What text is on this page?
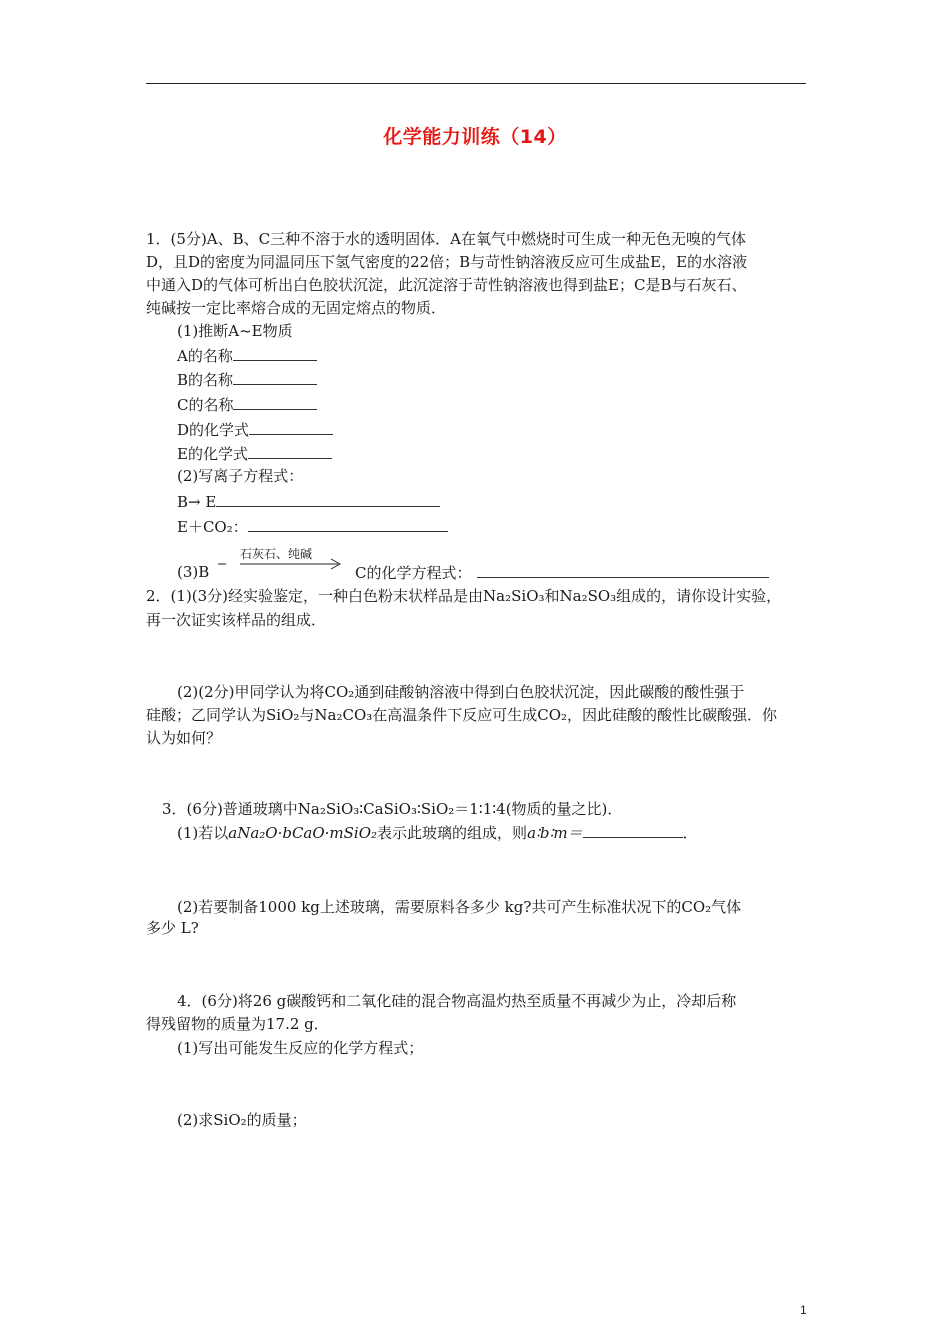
化学能力训练（14）
1．(5分)A、B、C三种不溶于水的透明固体．A在氧气中燃烧时可生成一种无色无嗅的气体
D，且D的密度为同温同压下氢气密度的22倍；B与苛性钠溶液反应可生成盐E，E的水溶液
中通入D的气体可析出白色胶状沉淀，此沉淀溶于苛性钠溶液也得到盐E；C是B与石灰石、
纯碱按一定比率熔合成的无固定熔点的物质．
(1)推断A~E物质
A的名称
B的名称
C的名称
D的化学式
E的化学式
(2)写离子方程式：
B→ E
E＋CO₂：
石灰石、纯碱
(3)B	C的化学方程式：
2．(1)(3分)经实验鉴定，一种白色粉末状样品是由Na₂SiO₃和Na₂SO₃组成的，请你设计实验，
再一次证实该样品的组成．
(2)(2分)甲同学认为将CO₂通到硅酸钠溶液中得到白色胶状沉淀，因此碳酸的酸性强于
硅酸；乙同学认为SiO₂与Na₂CO₃在高温条件下反应可生成CO₂，因此硅酸的酸性比碳酸强．你
认为如何？
3．(6分)普通玻璃中Na₂SiO₃∶CaSiO₃∶SiO₂＝1∶1∶4(物质的量之比)．
(1)若以aNa₂O·bCaO·mSiO₂表示此玻璃的组成，则a∶b∶m＝	．
(2)若要制备1000 kg上述玻璃，需要原料各多少 kg?共可产生标准状况下的CO₂气体
多少 L?
4．(6分)将26 g碳酸钙和二氧化硅的混合物高温灼热至质量不再减少为止，冷却后称
得残留物的质量为17.2 g．
(1)写出可能发生反应的化学方程式；
(2)求SiO₂的质量；
1
